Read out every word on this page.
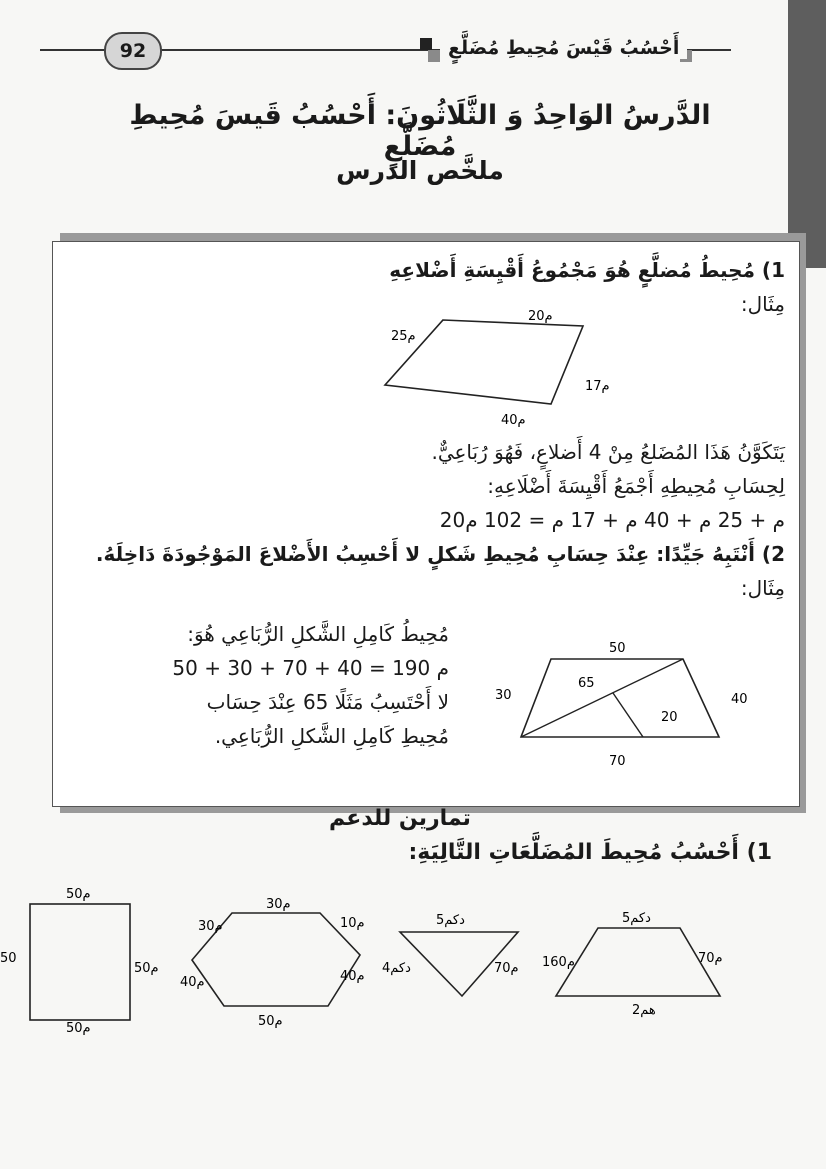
92	أَحْسُبُ قَيْسَ مُحِيطِ مُضَلَّعٍ
الدَّرسُ الوَاحِدُ وَ الثَّلَاثُونَ: أَحْسُبُ قَيسَ مُحِيطِ مُضَلَّعٍ
ملخَّص الدرس
1) مُحِيطُ مُضلَّعٍ هُوَ مَجْمُوعُ أَقْيِسَةِ أَضْلاعِهِ
مِثَال:
20م
25م
17م
40م
يَتَكَوَّنُ هَذَا المُضَلعُ مِنْ 4 أَضلاعٍ، فَهُوَ رُبَاعِيٌّ.
لِحِسَابِ مُحِيطِهِ أَجْمَعُ أَقْيِسَةَ أَضْلَاعِهِ:
20م + 25 م + 40 م + 17 م = 102 م
2) أَنْتَبِهُ جَيِّدًا: عِنْدَ حِسَابِ مُحِيطِ شَكلٍ لا أَحْسِبُ الأَضْلاعَ المَوْجُودَةَ دَاخِلَهُ.
مِثَال:
مُحِيطُ كَامِلِ الشَّكلِ الرُّبَاعِي هُوَ:
50 + 30 + 70 + 40 = 190 م
لا أَحْتَسِبُ مَثَلًا 65 عِنْدَ حِسَاب
مُحِيطِ كَامِلِ الشَّكلِ الرُّبَاعِي.
50
30	40
70
65
20
تمارين للدعم
1) أَحْسُبُ مُحِيطَ المُضَلَّعَاتِ التَّالِيَةِ:
50م
50
50م
50م
30م
30م	10م
40م	40م
50م
5دكم
4دكم	70م
5دكم
160م	70م
2هم
